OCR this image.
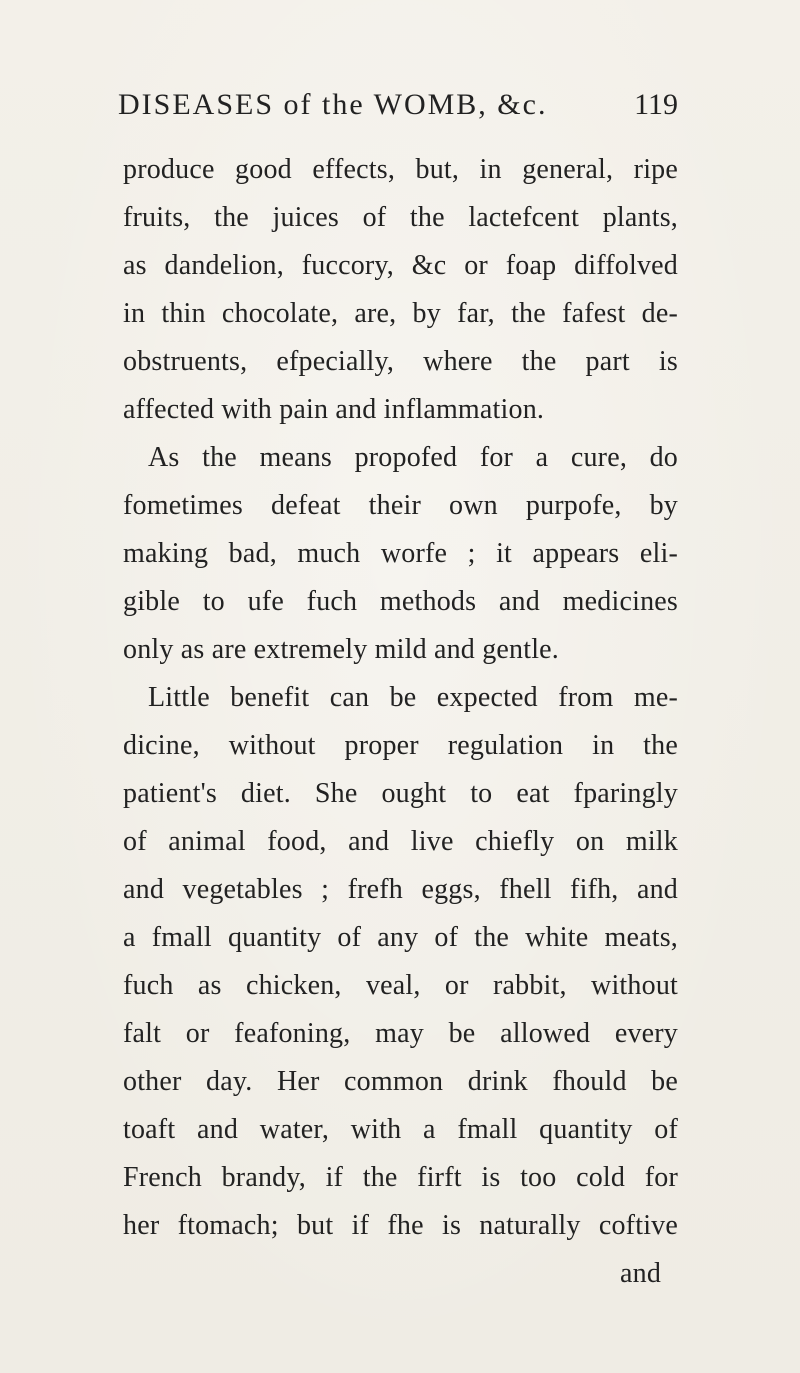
DISEASES of the WOMB, &c.	119
produce good effects, but, in general, ripe
fruits, the juices of the lactefcent plants,
as dandelion, fuccory, &c or foap diffolved
in thin chocolate, are, by far, the fafest de-
obstruents, efpecially, where the part is
affected with pain and inflammation.
As the means propofed for a cure, do
fometimes defeat their own purpofe, by
making bad, much worfe ; it appears eli-
gible to ufe fuch methods and medicines
only as are extremely mild and gentle.
Little benefit can be expected from me-
dicine, without proper regulation in the
patient's diet. She ought to eat fparingly
of animal food, and live chiefly on milk
and vegetables ; frefh eggs, fhell fifh, and
a fmall quantity of any of the white meats,
fuch as chicken, veal, or rabbit, without
falt or feafoning, may be allowed every
other day. Her common drink fhould be
toaft and water, with a fmall quantity of
French brandy, if the firft is too cold for
her ftomach; but if fhe is naturally coftive
and
